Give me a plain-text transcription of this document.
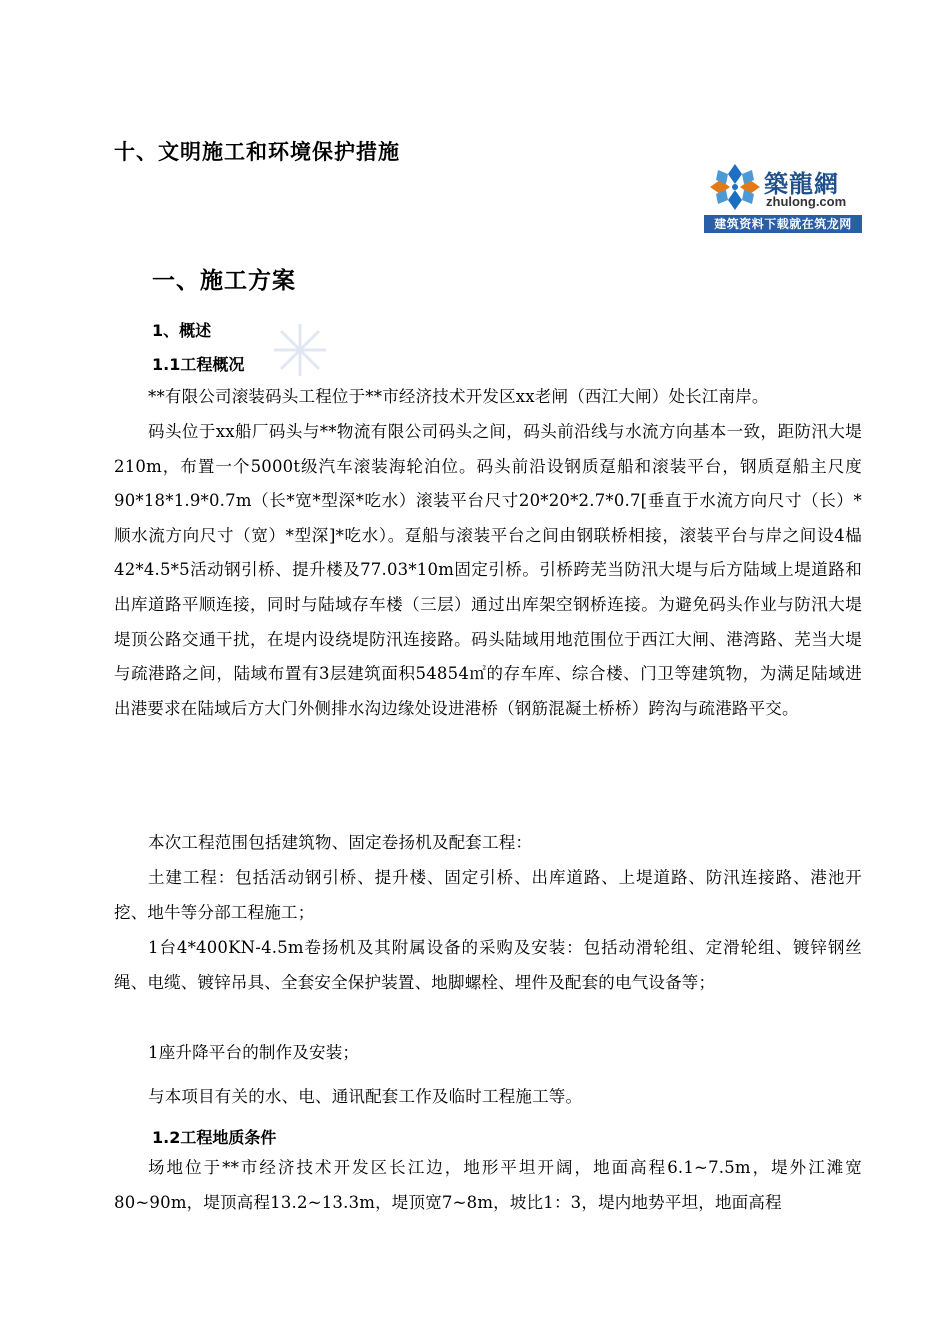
十、文明施工和环境保护措施
築龍網
zhulong.com
建筑资料下载就在筑龙网
一、施工方案
1、概述
1.1工程概况
**有限公司滚装码头工程位于**市经济技术开发区xx老闸（西江大闸）处长江南岸。
码头位于xx船厂码头与**物流有限公司码头之间，码头前沿线与水流方向基本一致，距防汛大堤210m，布置一个5000t级汽车滚装海轮泊位。码头前沿设钢质趸船和滚装平台，钢质趸船主尺度90*18*1.9*0.7m（长*宽*型深*吃水）滚装平台尺寸20*20*2.7*0.7[垂直于水流方向尺寸（长）*顺水流方向尺寸（宽）*型深]*吃水）。趸船与滚装平台之间由钢联桥相接，滚装平台与岸之间设4榀42*4.5*5活动钢引桥、提升楼及77.03*10m固定引桥。引桥跨芜当防汛大堤与后方陆域上堤道路和出库道路平顺连接，同时与陆域存车楼（三层）通过出库架空钢桥连接。为避免码头作业与防汛大堤堤顶公路交通干扰，在堤内设绕堤防汛连接路。码头陆域用地范围位于西江大闸、港湾路、芜当大堤与疏港路之间，陆域布置有3层建筑面积54854㎡的存车库、综合楼、门卫等建筑物，为满足陆域进出港要求在陆域后方大门外侧排水沟边缘处设进港桥（钢筋混凝土桥桥）跨沟与疏港路平交。
本次工程范围包括建筑物、固定卷扬机及配套工程：
土建工程：包括活动钢引桥、提升楼、固定引桥、出库道路、上堤道路、防汛连接路、港池开挖、地牛等分部工程施工；
1台4*400KN-4.5m卷扬机及其附属设备的采购及安装：包括动滑轮组、定滑轮组、镀锌钢丝绳、电缆、镀锌吊具、全套安全保护装置、地脚螺栓、埋件及配套的电气设备等；
1座升降平台的制作及安装；
与本项目有关的水、电、通讯配套工作及临时工程施工等。
1.2工程地质条件
场地位于**市经济技术开发区长江边，地形平坦开阔，地面高程6.1~7.5m，堤外江滩宽80~90m，堤顶高程13.2~13.3m，堤顶宽7~8m，坡比1：3，堤内地势平坦，地面高程
